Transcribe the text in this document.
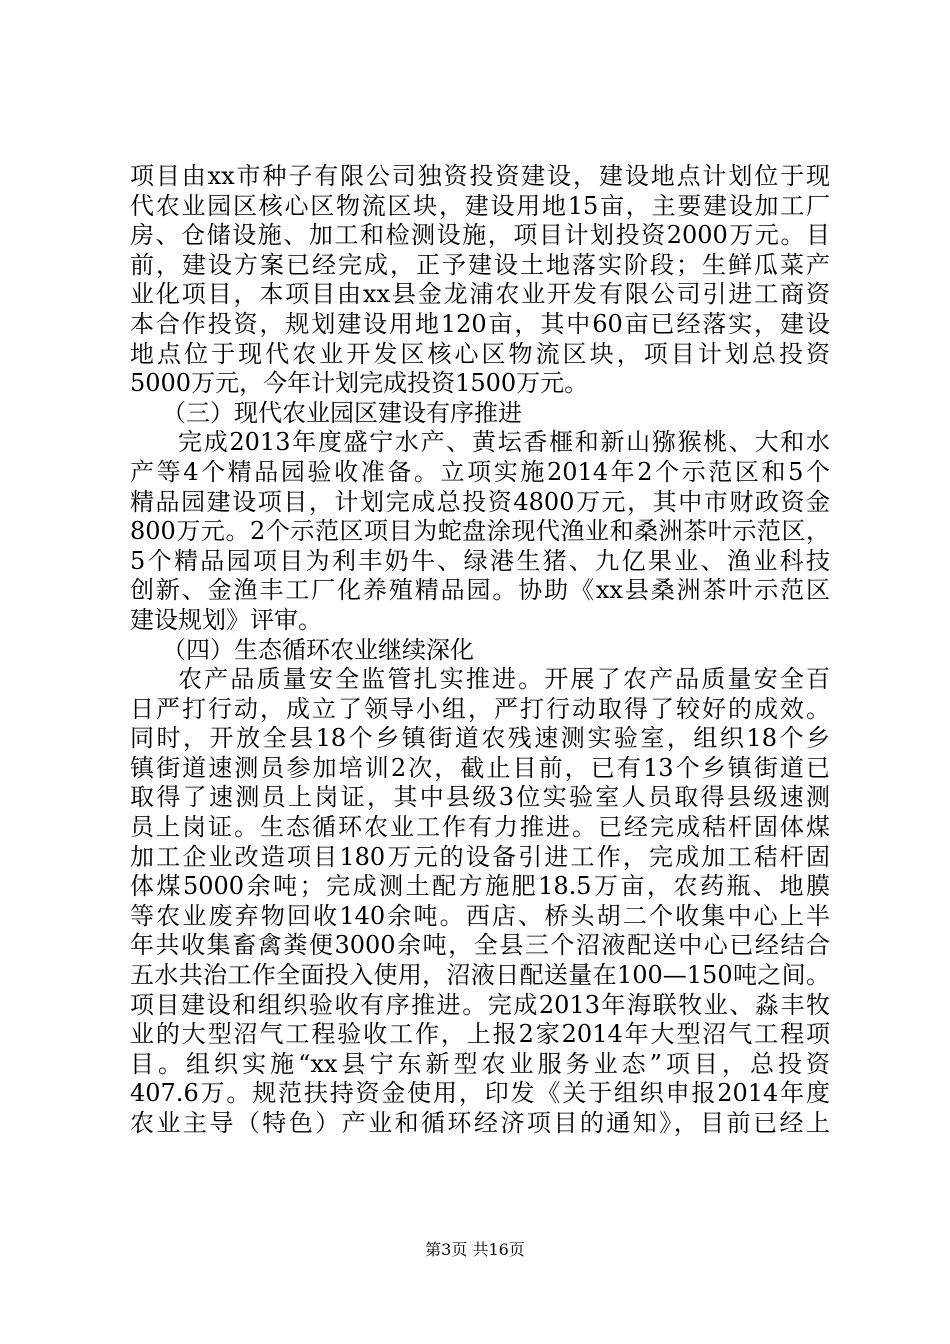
项目由xx市种子有限公司独资投资建设，建设地点计划位于现
代农业园区核心区物流区块，建设用地15亩，主要建设加工厂
房、仓储设施、加工和检测设施，项目计划投资2000万元。目
前，建设方案已经完成，正予建设土地落实阶段；生鲜瓜菜产
业化项目，本项目由xx县金龙浦农业开发有限公司引进工商资
本合作投资，规划建设用地120亩，其中60亩已经落实，建设
地点位于现代农业开发区核心区物流区块，项目计划总投资
5000万元，今年计划完成投资1500万元。
（三）现代农业园区建设有序推进
完成2013年度盛宁水产、黄坛香榧和新山猕猴桃、大和水
产等4个精品园验收准备。立项实施2014年2个示范区和5个
精品园建设项目，计划完成总投资4800万元，其中市财政资金
800万元。2个示范区项目为蛇盘涂现代渔业和桑洲茶叶示范区，
5个精品园项目为利丰奶牛、绿港生猪、九亿果业、渔业科技
创新、金渔丰工厂化养殖精品园。协助《xx县桑洲茶叶示范区
建设规划》评审。
（四）生态循环农业继续深化
农产品质量安全监管扎实推进。开展了农产品质量安全百
日严打行动，成立了领导小组，严打行动取得了较好的成效。
同时，开放全县18个乡镇街道农残速测实验室，组织18个乡
镇街道速测员参加培训2次，截止目前，已有13个乡镇街道已
取得了速测员上岗证，其中县级3位实验室人员取得县级速测
员上岗证。生态循环农业工作有力推进。已经完成秸杆固体煤
加工企业改造项目180万元的设备引进工作，完成加工秸杆固
体煤5000余吨；完成测土配方施肥18.5万亩，农药瓶、地膜
等农业废弃物回收140余吨。西店、桥头胡二个收集中心上半
年共收集畜禽粪便3000余吨，全县三个沼液配送中心已经结合
五水共治工作全面投入使用，沼液日配送量在100—150吨之间。
项目建设和组织验收有序推进。完成2013年海联牧业、淼丰牧
业的大型沼气工程验收工作，上报2家2014年大型沼气工程项
目。组织实施“xx县宁东新型农业服务业态”项目，总投资
407.6万。规范扶持资金使用，印发《关于组织申报2014年度
农业主导（特色）产业和循环经济项目的通知》，目前已经上
第3页 共16页
